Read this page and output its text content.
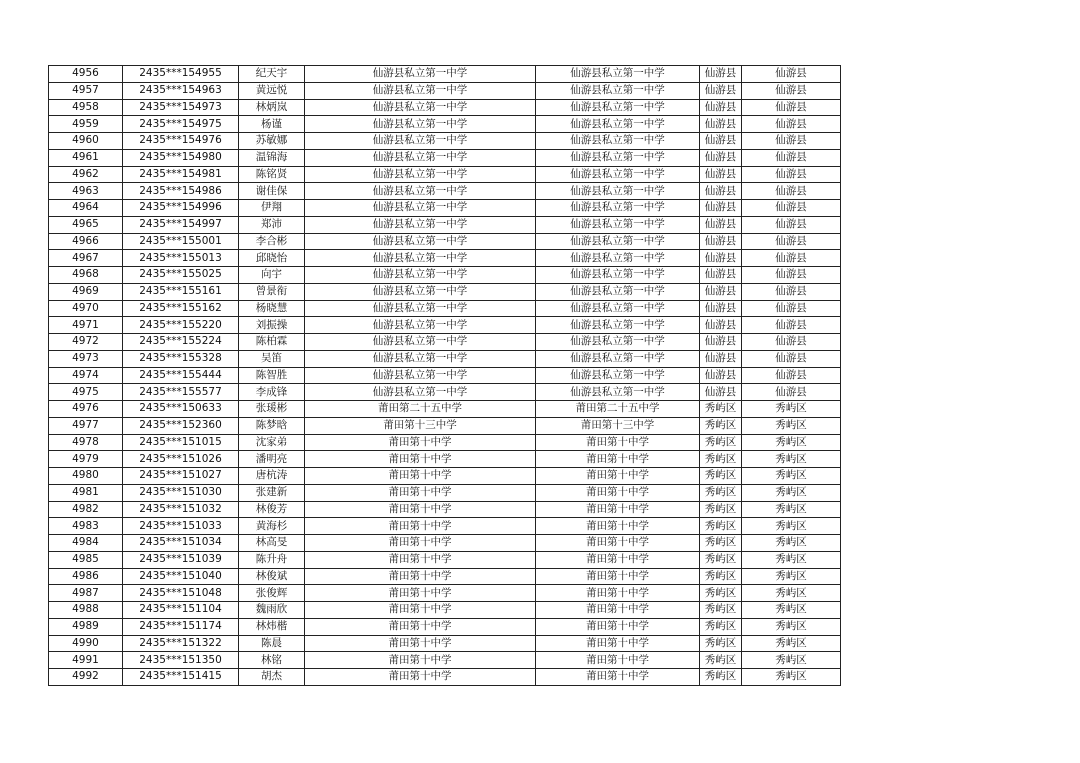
4956	2435***154955	纪天宇	仙游县私立第一中学	仙游县私立第一中学	仙游县	仙游县
4957	2435***154963	黄远悦	仙游县私立第一中学	仙游县私立第一中学	仙游县	仙游县
4958	2435***154973	林炳岚	仙游县私立第一中学	仙游县私立第一中学	仙游县	仙游县
4959	2435***154975	杨谨	仙游县私立第一中学	仙游县私立第一中学	仙游县	仙游县
4960	2435***154976	苏敏娜	仙游县私立第一中学	仙游县私立第一中学	仙游县	仙游县
4961	2435***154980	温锦海	仙游县私立第一中学	仙游县私立第一中学	仙游县	仙游县
4962	2435***154981	陈铭贤	仙游县私立第一中学	仙游县私立第一中学	仙游县	仙游县
4963	2435***154986	谢佳保	仙游县私立第一中学	仙游县私立第一中学	仙游县	仙游县
4964	2435***154996	伊翔	仙游县私立第一中学	仙游县私立第一中学	仙游县	仙游县
4965	2435***154997	郑沛	仙游县私立第一中学	仙游县私立第一中学	仙游县	仙游县
4966	2435***155001	李合彬	仙游县私立第一中学	仙游县私立第一中学	仙游县	仙游县
4967	2435***155013	邱晓怡	仙游县私立第一中学	仙游县私立第一中学	仙游县	仙游县
4968	2435***155025	向宇	仙游县私立第一中学	仙游县私立第一中学	仙游县	仙游县
4969	2435***155161	曾景衔	仙游县私立第一中学	仙游县私立第一中学	仙游县	仙游县
4970	2435***155162	杨晓慧	仙游县私立第一中学	仙游县私立第一中学	仙游县	仙游县
4971	2435***155220	刘振操	仙游县私立第一中学	仙游县私立第一中学	仙游县	仙游县
4972	2435***155224	陈柏霖	仙游县私立第一中学	仙游县私立第一中学	仙游县	仙游县
4973	2435***155328	吴笛	仙游县私立第一中学	仙游县私立第一中学	仙游县	仙游县
4974	2435***155444	陈智胜	仙游县私立第一中学	仙游县私立第一中学	仙游县	仙游县
4975	2435***155577	李成锋	仙游县私立第一中学	仙游县私立第一中学	仙游县	仙游县
4976	2435***150633	张瑗彬	莆田第二十五中学	莆田第二十五中学	秀屿区	秀屿区
4977	2435***152360	陈梦晗	莆田第十三中学	莆田第十三中学	秀屿区	秀屿区
4978	2435***151015	沈家弟	莆田第十中学	莆田第十中学	秀屿区	秀屿区
4979	2435***151026	潘明亮	莆田第十中学	莆田第十中学	秀屿区	秀屿区
4980	2435***151027	唐杭涛	莆田第十中学	莆田第十中学	秀屿区	秀屿区
4981	2435***151030	张建新	莆田第十中学	莆田第十中学	秀屿区	秀屿区
4982	2435***151032	林俊芳	莆田第十中学	莆田第十中学	秀屿区	秀屿区
4983	2435***151033	黄海杉	莆田第十中学	莆田第十中学	秀屿区	秀屿区
4984	2435***151034	林高旻	莆田第十中学	莆田第十中学	秀屿区	秀屿区
4985	2435***151039	陈升舟	莆田第十中学	莆田第十中学	秀屿区	秀屿区
4986	2435***151040	林俊斌	莆田第十中学	莆田第十中学	秀屿区	秀屿区
4987	2435***151048	张俊辉	莆田第十中学	莆田第十中学	秀屿区	秀屿区
4988	2435***151104	魏雨欣	莆田第十中学	莆田第十中学	秀屿区	秀屿区
4989	2435***151174	林炜楷	莆田第十中学	莆田第十中学	秀屿区	秀屿区
4990	2435***151322	陈晨	莆田第十中学	莆田第十中学	秀屿区	秀屿区
4991	2435***151350	林铭	莆田第十中学	莆田第十中学	秀屿区	秀屿区
4992	2435***151415	胡杰	莆田第十中学	莆田第十中学	秀屿区	秀屿区
